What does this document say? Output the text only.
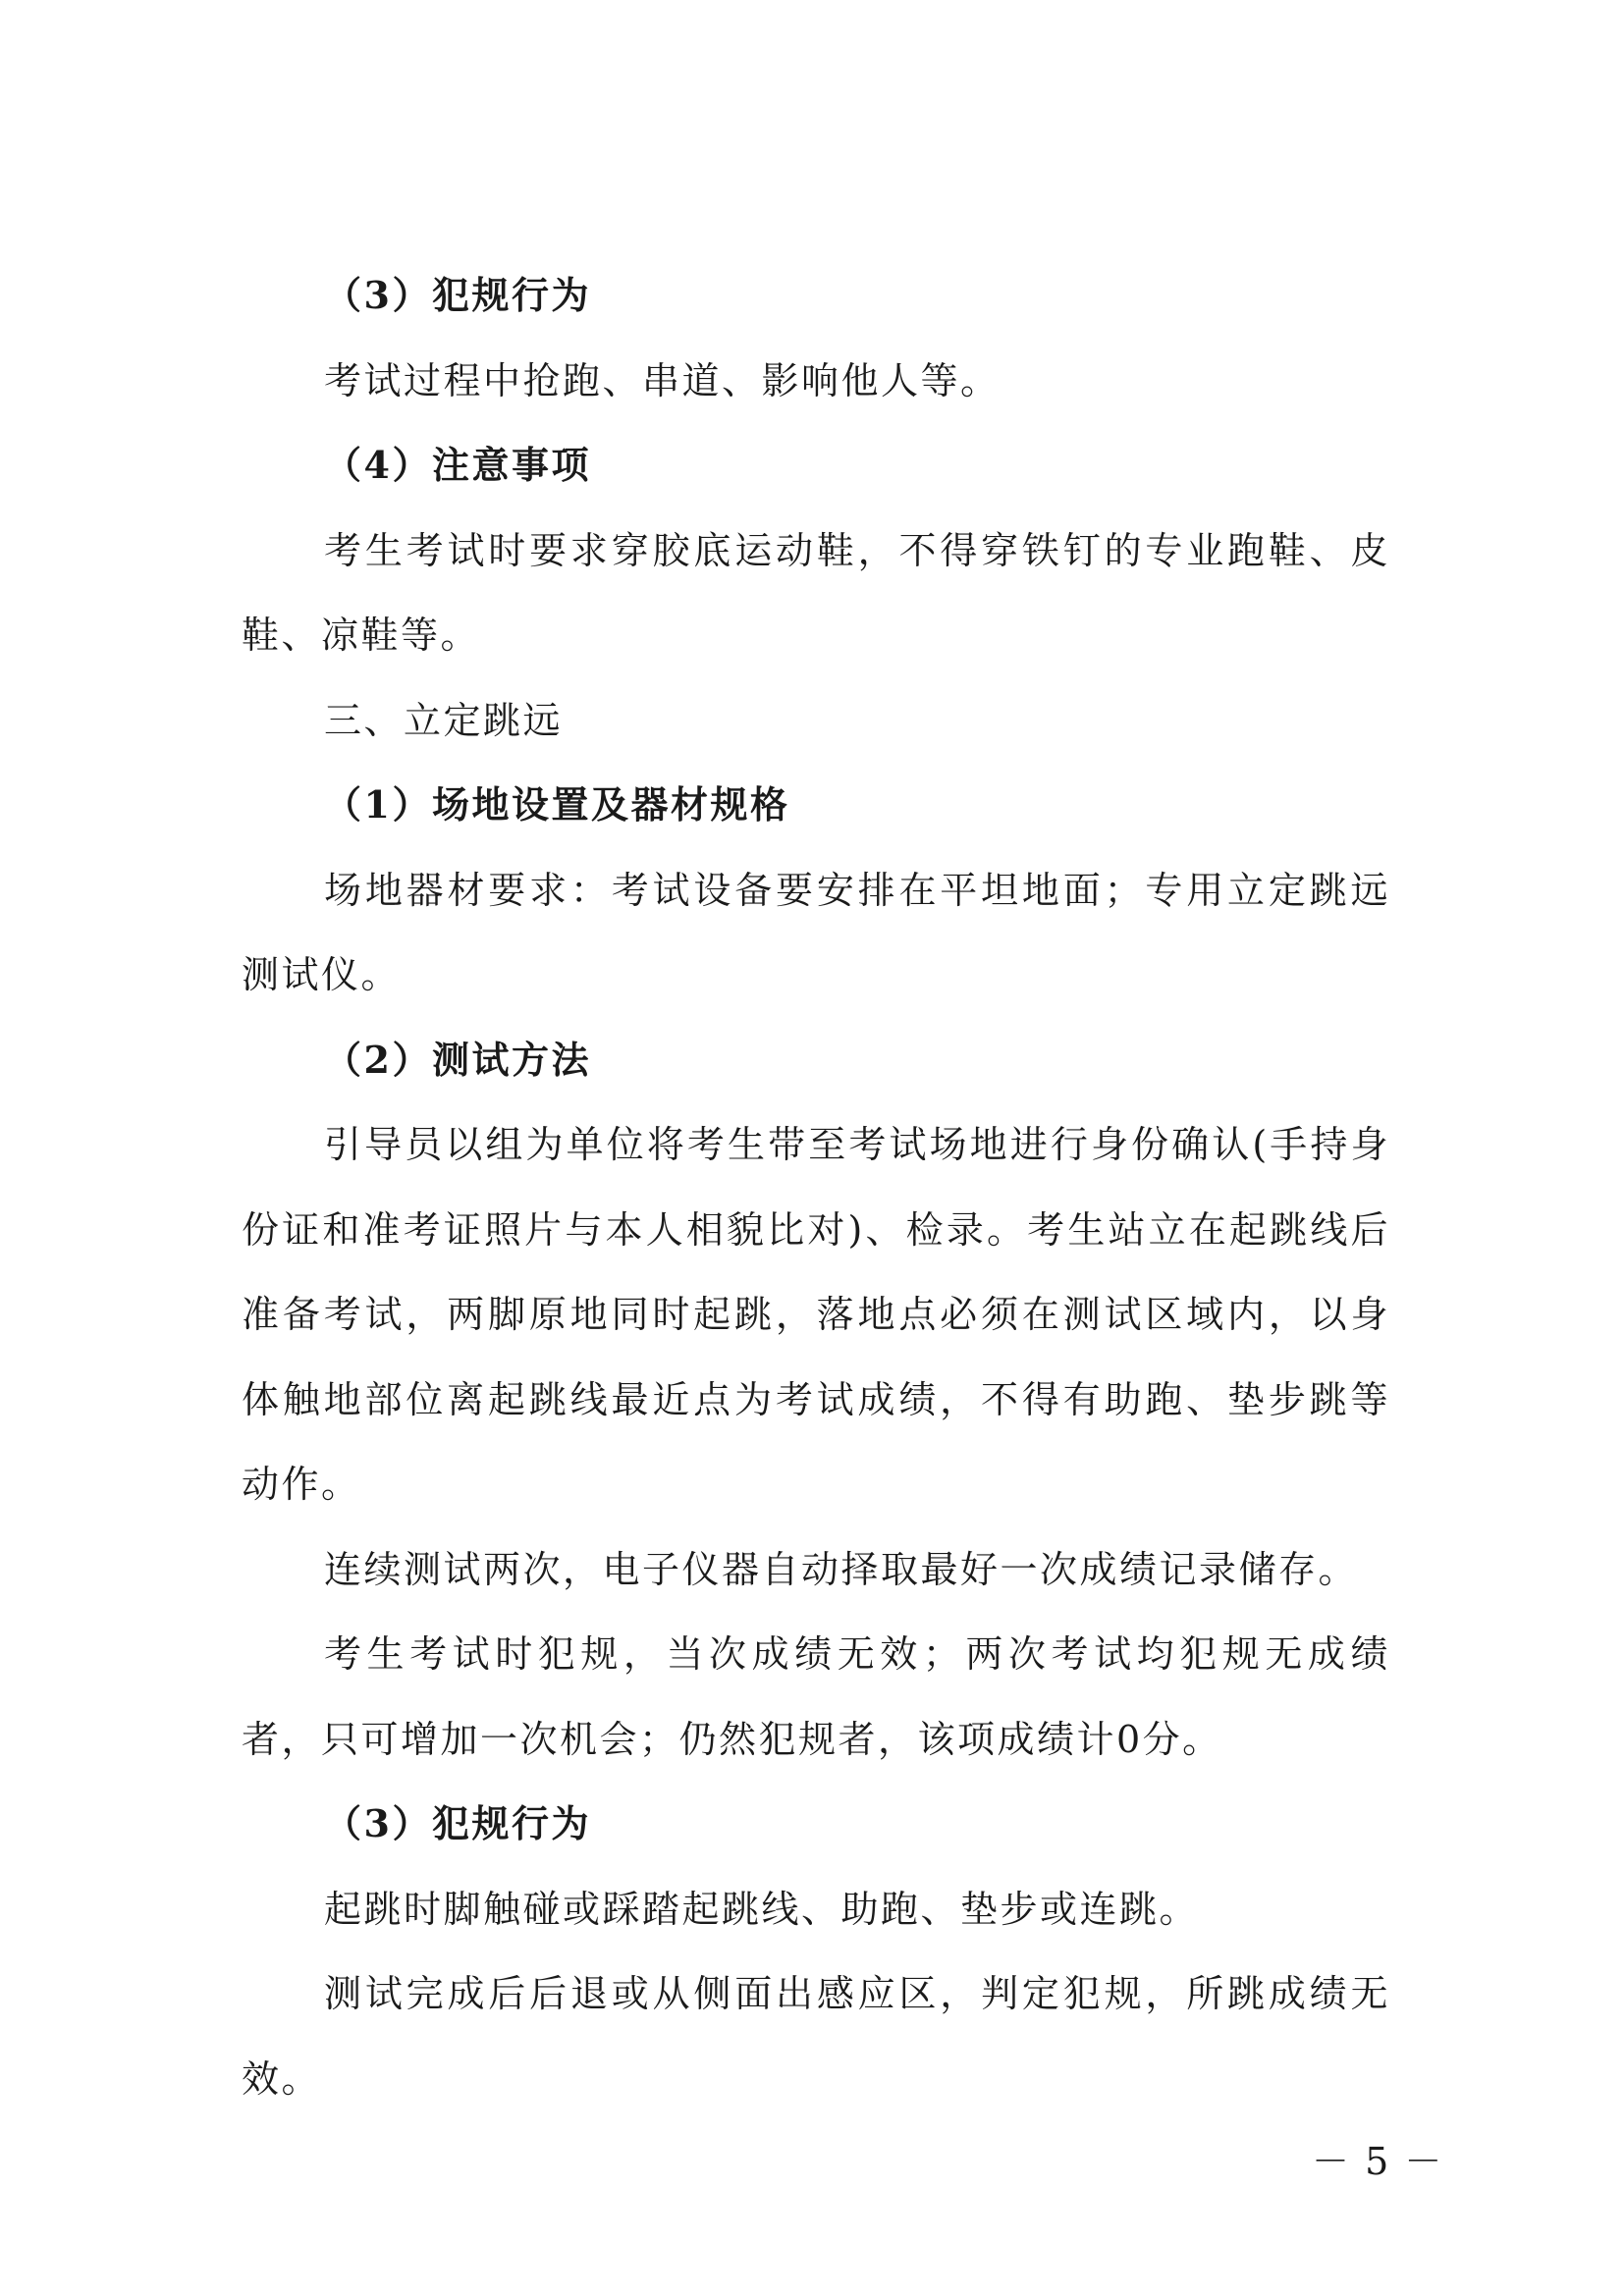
（3）犯规行为

考试过程中抢跑、串道、影响他人等。

（4）注意事项

考生考试时要求穿胶底运动鞋，不得穿铁钉的专业跑鞋、皮鞋、凉鞋等。

三、立定跳远

（1）场地设置及器材规格

场地器材要求：考试设备要安排在平坦地面；专用立定跳远测试仪。

（2）测试方法

引导员以组为单位将考生带至考试场地进行身份确认(手持身份证和准考证照片与本人相貌比对)、检录。考生站立在起跳线后准备考试，两脚原地同时起跳，落地点必须在测试区域内，以身体触地部位离起跳线最近点为考试成绩，不得有助跑、垫步跳等动作。

连续测试两次，电子仪器自动择取最好一次成绩记录储存。

考生考试时犯规，当次成绩无效；两次考试均犯规无成绩者，只可增加一次机会；仍然犯规者，该项成绩计0分。

（3）犯规行为

起跳时脚触碰或踩踏起跳线、助跑、垫步或连跳。

测试完成后后退或从侧面出感应区，判定犯规，所跳成绩无效。

－ 5 －
